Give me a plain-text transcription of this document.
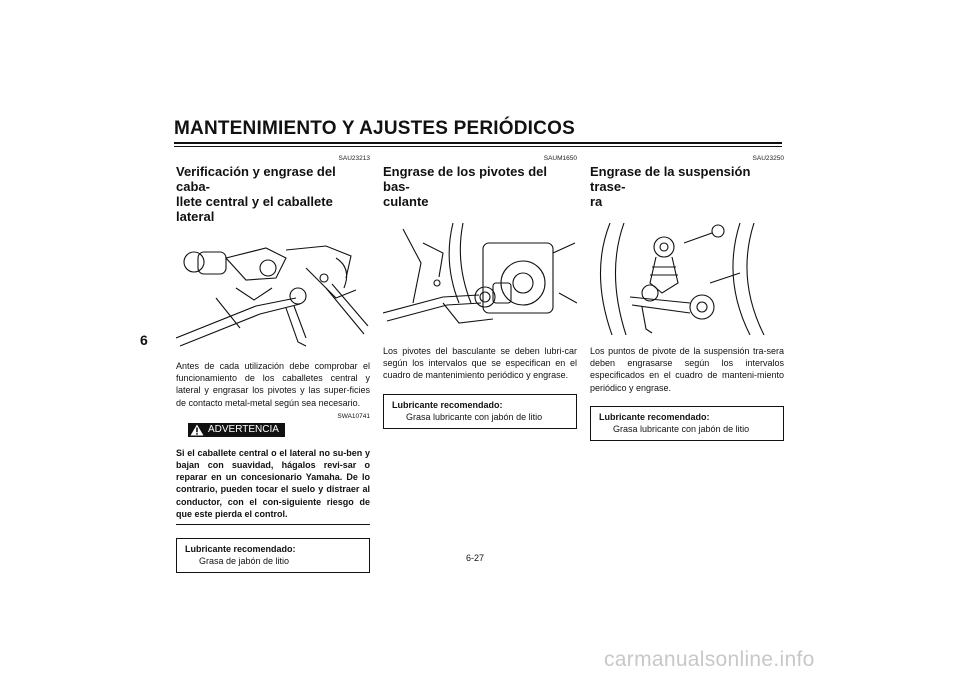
MANTENIMIENTO Y AJUSTES PERIÓDICOS
6
SAU23213
Verificación y engrase del caba-
llete central y el caballete lateral

Antes de cada utilización debe comprobar el funcionamiento de los caballetes central y lateral y engrasar los pivotes y las super-ficies de contacto metal-metal según sea necesario.

SWA10741
ADVERTENCIA
Si el caballete central o el lateral no su-ben y bajan con suavidad, hágalos revi-sar o reparar en un concesionario Yamaha. De lo contrario, pueden tocar el suelo y distraer al conductor, con el con-siguiente riesgo de que este pierda el control.
Lubricante recomendado:
Grasa de jabón de litio
SAUM1650
Engrase de los pivotes del bas-
culante

Los pivotes del basculante se deben lubri-car según los intervalos que se especifican en el cuadro de mantenimiento periódico y engrase.

Lubricante recomendado:
Grasa lubricante con jabón de litio
SAU23250
Engrase de la suspensión trase-
ra

Los puntos de pivote de la suspensión tra-sera deben engrasarse según los intervalos especificados en el cuadro de manteni-miento periódico y engrase.

Lubricante recomendado:
Grasa lubricante con jabón de litio
6-27
carmanualsonline.info
